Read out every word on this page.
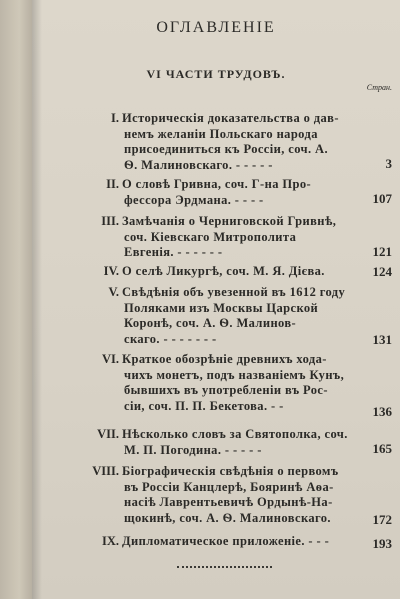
ОГЛАВЛЕНІЕ
VI ЧАСТИ ТРУДОВЪ.
Стран.
I. Историческія доказательства о дав-
немъ желаніи Польскаго народа
присоединиться къ Россіи, соч. А.
Ѳ. Малиновскаго. - - - - -	3
II. О словѣ Гривна, соч. Г-на Про-
фессора Эрдмана. - - - -	107
III. Замѣчанія о Черниговской Гривнѣ,
соч. Кіевскаго Митрополита
Евгенія. - - - - - -	121
IV. О селѣ Ликургѣ, соч. М. Я. Дієва.	124
V. Свѣдѣнія объ увезенной въ 1612 году
Поляками изъ Москвы Царской
Коронѣ, соч. А. Ѳ. Малинов-
скаго. - - - - - - -	131
VI. Краткое обозрѣніе древнихъ хода-
чихъ монетъ, подъ названіемъ Кунъ,
бывшихъ въ употребленіи въ Рос-
сіи, соч. П. П. Бекетова. - -	136
VII. Нѣсколько словъ за Святополка, соч.
М. П. Погодина. - - - - -	165
VIII. Біографическія свѣдѣнія о первомъ
въ Россіи Канцлерѣ, Бояринѣ Аѳа-
насіѣ Лаврентьевичѣ Ордынѣ-На-
щокинѣ, соч. А. Ѳ. Малиновскаго.	172
IX. Дипломатическое приложеніе. - - -	193
